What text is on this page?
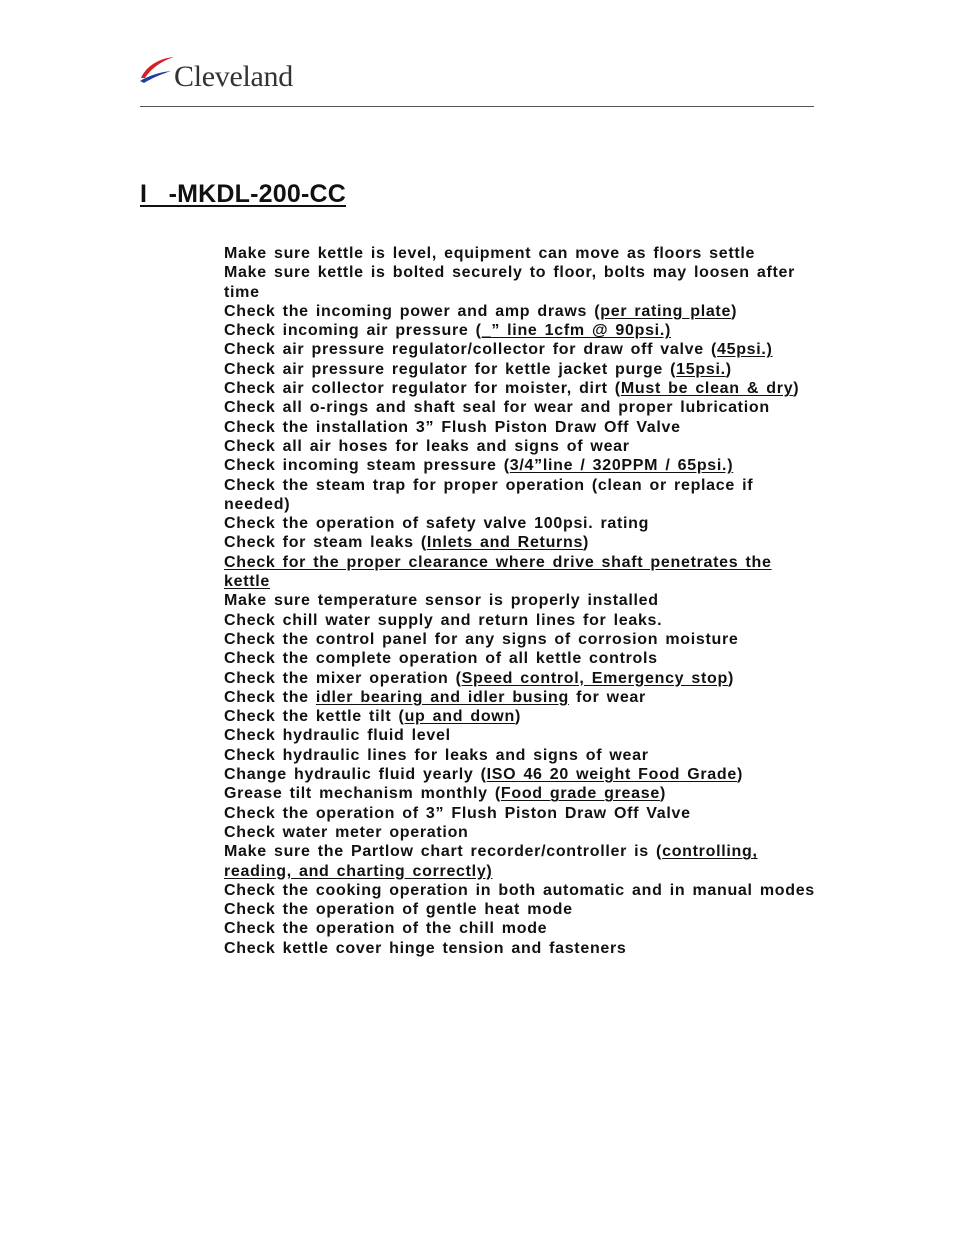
Cleveland
I   -MKDL-200-CC
Make sure kettle is level, equipment can move as floors settle
Make sure kettle is bolted securely to floor, bolts may loosen after time
Check the incoming power and amp draws (per rating plate)
Check incoming air pressure (_” line 1cfm @ 90psi.)
Check air pressure regulator/collector for draw off valve (45psi.)
Check air pressure regulator for kettle jacket purge (15psi.)
Check air collector regulator for moister, dirt (Must be clean & dry)
Check all o-rings and shaft seal for wear and proper lubrication
Check the installation 3” Flush Piston Draw Off Valve
Check all air hoses for leaks and signs of wear
Check incoming steam pressure (3/4”line / 320PPM / 65psi.)
Check the steam trap for proper operation (clean or replace if needed)
Check the operation of safety valve 100psi. rating
Check for steam leaks (Inlets and Returns)
Check for the proper clearance where drive shaft penetrates the kettle
Make sure temperature sensor is properly installed
Check chill water supply and return lines for leaks.
Check the control panel for any signs of corrosion moisture
Check the complete operation of all kettle controls
Check the mixer operation (Speed control, Emergency stop)
Check the idler bearing and idler busing for wear
Check the kettle tilt (up and down)
Check hydraulic fluid level
Check hydraulic lines for leaks and signs of wear
Change hydraulic fluid yearly (ISO 46 20 weight Food Grade)
Grease tilt mechanism monthly (Food grade grease)
Check the operation of 3” Flush Piston Draw Off Valve
Check water meter operation
Make sure the Partlow chart recorder/controller is (controlling, reading, and charting correctly)
Check the cooking operation in both automatic and in manual modes
Check the operation of gentle heat mode
Check the operation of the chill mode
Check kettle cover hinge tension and fasteners
